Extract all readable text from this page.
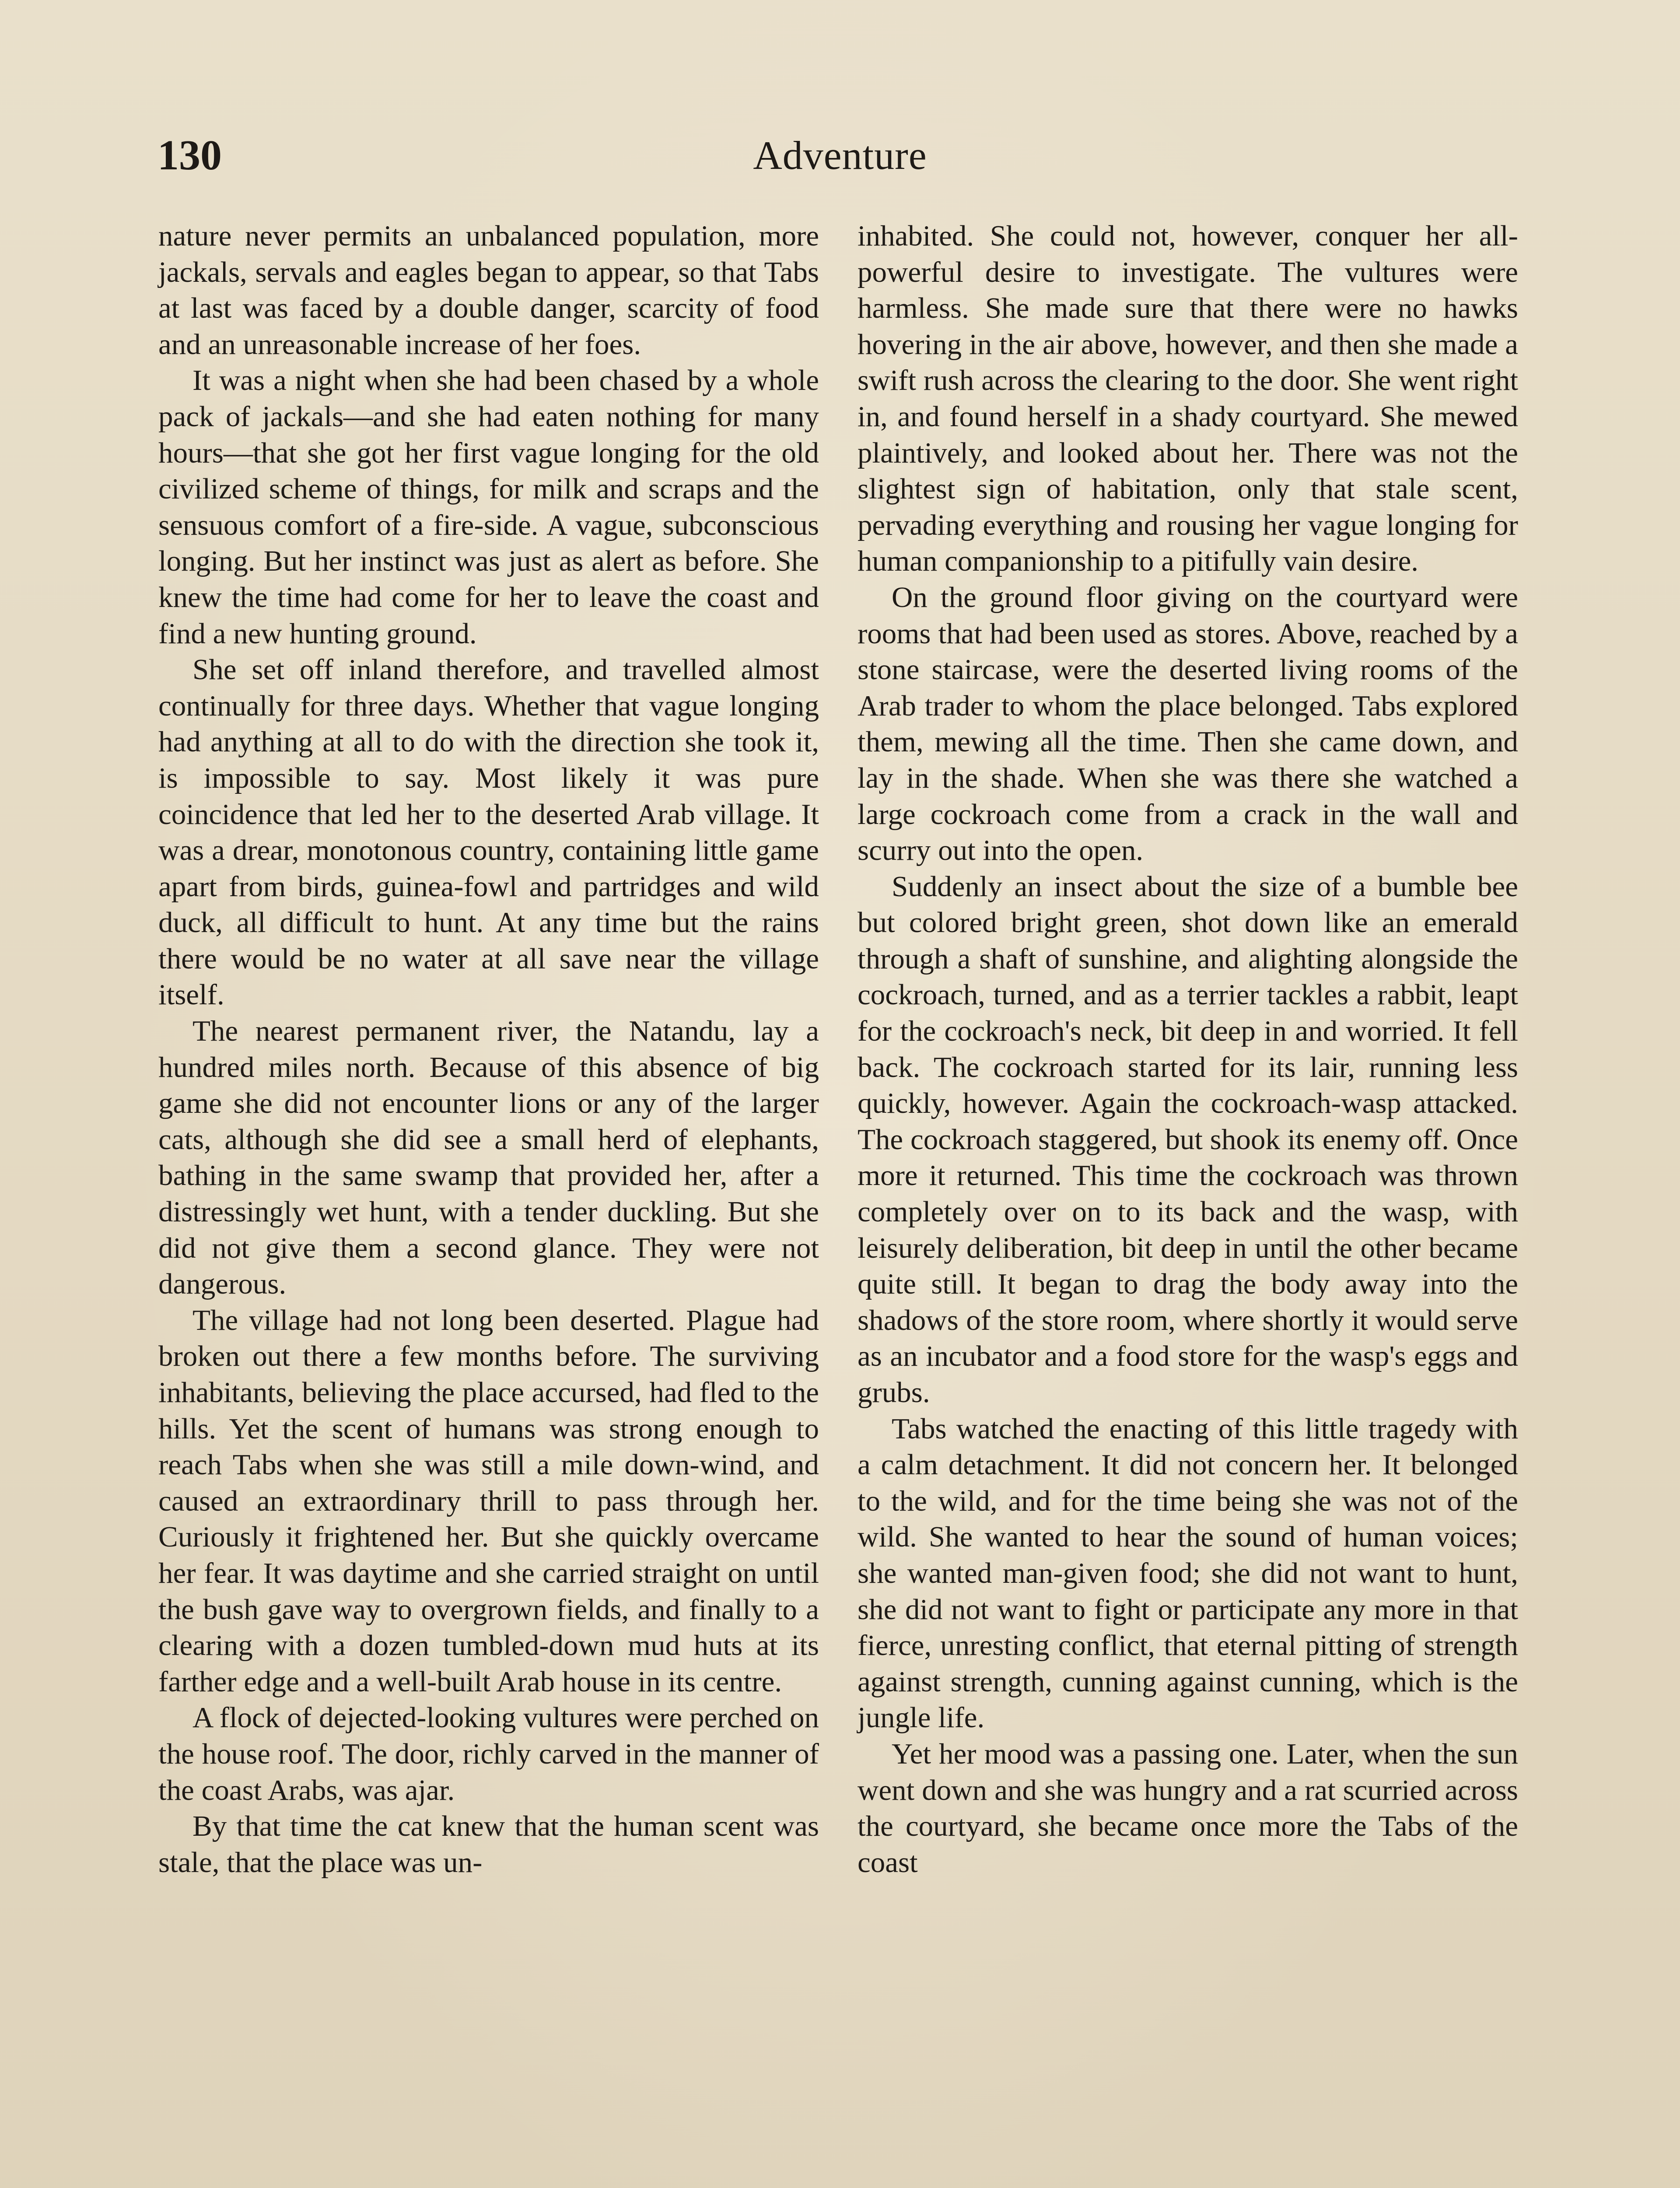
130	Adventure

nature never permits an unbalanced population, more jackals, servals and eagles began to appear, so that Tabs at last was faced by a double danger, scarcity of food and an unreasonable increase of her foes.

It was a night when she had been chased by a whole pack of jackals—and she had eaten nothing for many hours—that she got her first vague longing for the old civilized scheme of things, for milk and scraps and the sensuous comfort of a fire-side. A vague, subconscious longing. But her instinct was just as alert as before. She knew the time had come for her to leave the coast and find a new hunting ground.

She set off inland therefore, and travelled almost continually for three days. Whether that vague longing had anything at all to do with the direction she took it, is impossible to say. Most likely it was pure coincidence that led her to the deserted Arab village. It was a drear, monotonous country, containing little game apart from birds, guinea-fowl and partridges and wild duck, all difficult to hunt. At any time but the rains there would be no water at all save near the village itself.

The nearest permanent river, the Natandu, lay a hundred miles north. Because of this absence of big game she did not encounter lions or any of the larger cats, although she did see a small herd of elephants, bathing in the same swamp that provided her, after a distressingly wet hunt, with a tender duckling. But she did not give them a second glance. They were not dangerous.

The village had not long been deserted. Plague had broken out there a few months before. The surviving inhabitants, believing the place accursed, had fled to the hills. Yet the scent of humans was strong enough to reach Tabs when she was still a mile down-wind, and caused an extraordinary thrill to pass through her. Curiously it frightened her. But she quickly overcame her fear. It was daytime and she carried straight on until the bush gave way to overgrown fields, and finally to a clearing with a dozen tumbled-down mud huts at its farther edge and a well-built Arab house in its centre.

A flock of dejected-looking vultures were perched on the house roof. The door, richly carved in the manner of the coast Arabs, was ajar.

By that time the cat knew that the human scent was stale, that the place was un-

inhabited. She could not, however, conquer her all-powerful desire to investigate. The vultures were harmless. She made sure that there were no hawks hovering in the air above, however, and then she made a swift rush across the clearing to the door. She went right in, and found herself in a shady courtyard. She mewed plaintively, and looked about her. There was not the slightest sign of habitation, only that stale scent, pervading everything and rousing her vague longing for human companionship to a pitifully vain desire.

On the ground floor giving on the courtyard were rooms that had been used as stores. Above, reached by a stone staircase, were the deserted living rooms of the Arab trader to whom the place belonged. Tabs explored them, mewing all the time. Then she came down, and lay in the shade. When she was there she watched a large cockroach come from a crack in the wall and scurry out into the open.

Suddenly an insect about the size of a bumble bee but colored bright green, shot down like an emerald through a shaft of sunshine, and alighting alongside the cockroach, turned, and as a terrier tackles a rabbit, leapt for the cockroach's neck, bit deep in and worried. It fell back. The cockroach started for its lair, running less quickly, however. Again the cockroach-wasp attacked. The cockroach staggered, but shook its enemy off. Once more it returned. This time the cockroach was thrown completely over on to its back and the wasp, with leisurely deliberation, bit deep in until the other became quite still. It began to drag the body away into the shadows of the store room, where shortly it would serve as an incubator and a food store for the wasp's eggs and grubs.

Tabs watched the enacting of this little tragedy with a calm detachment. It did not concern her. It belonged to the wild, and for the time being she was not of the wild. She wanted to hear the sound of human voices; she wanted man-given food; she did not want to hunt, she did not want to fight or participate any more in that fierce, unresting conflict, that eternal pitting of strength against strength, cunning against cunning, which is the jungle life.

Yet her mood was a passing one. Later, when the sun went down and she was hungry and a rat scurried across the courtyard, she became once more the Tabs of the coast
